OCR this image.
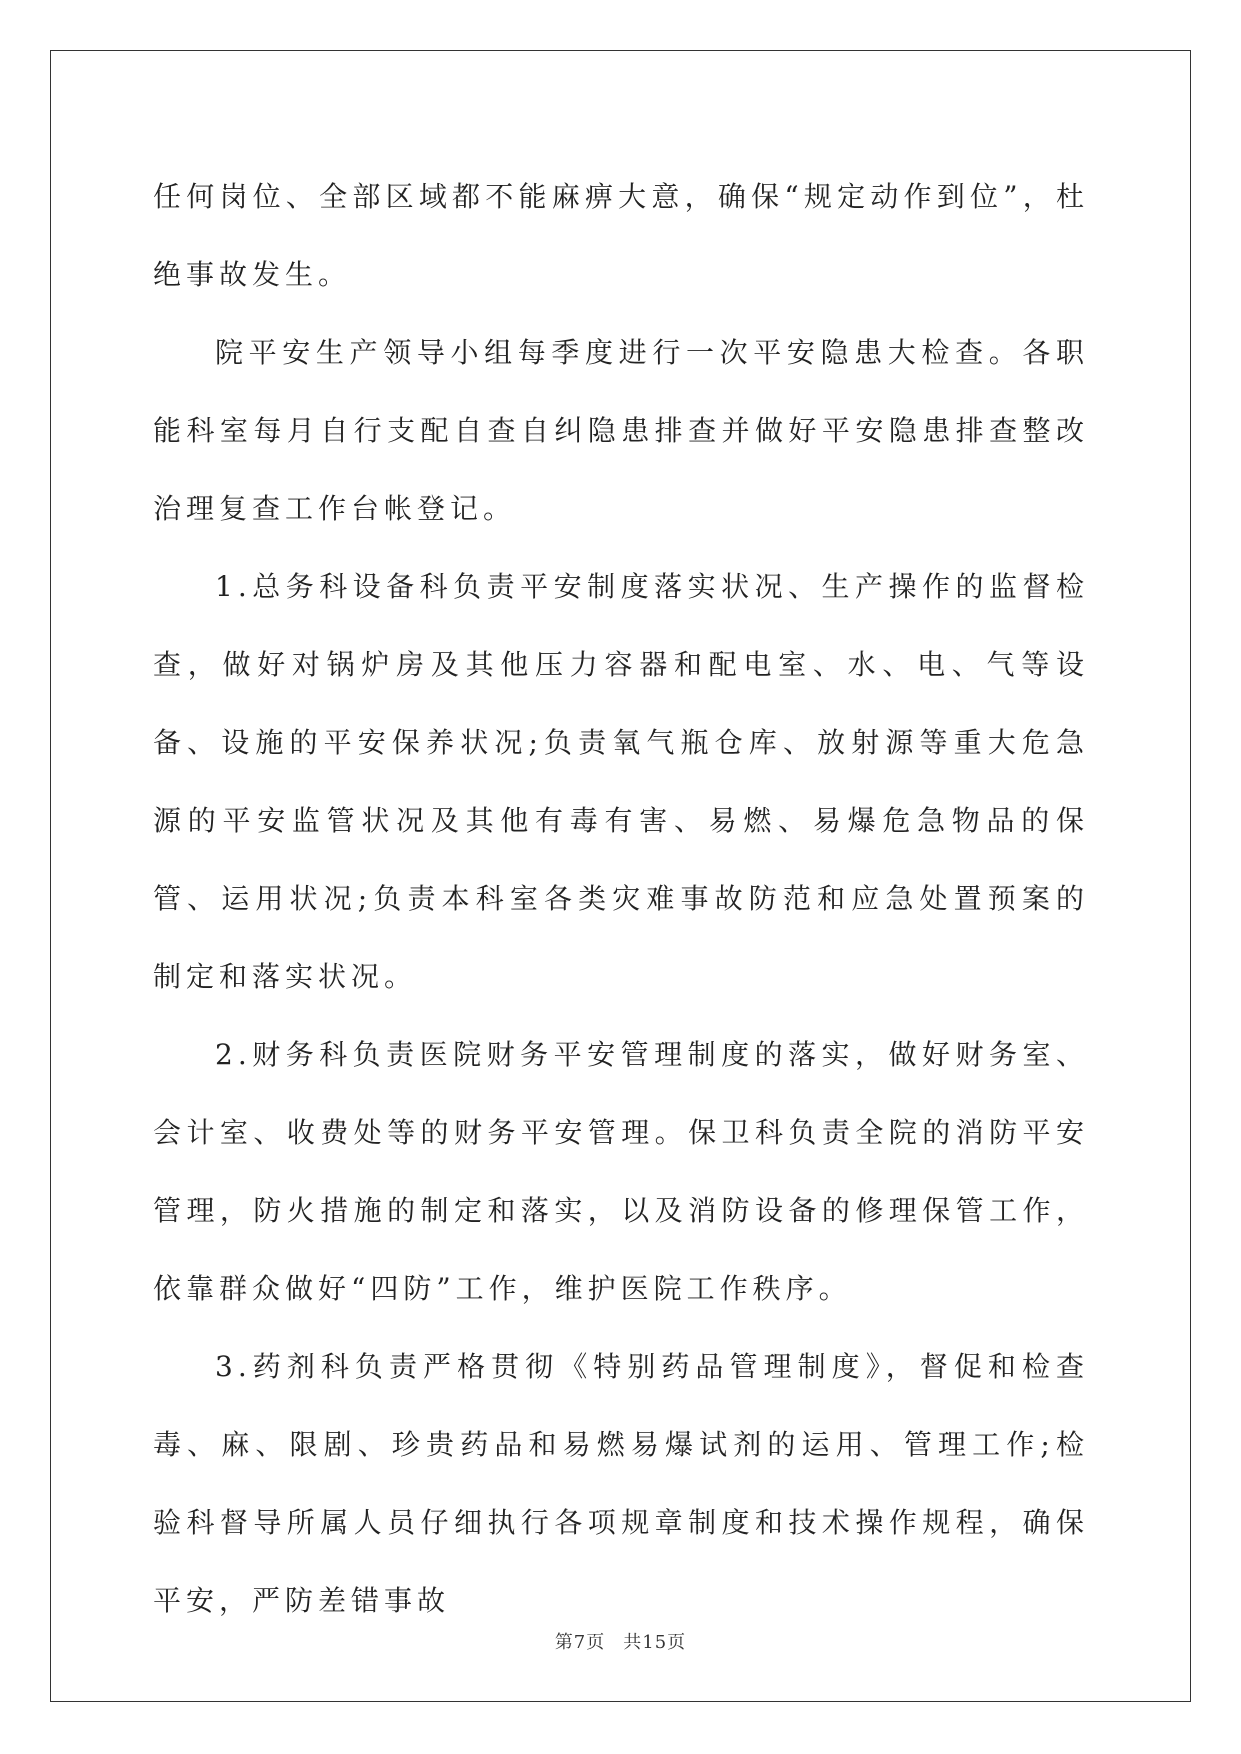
任何岗位、全部区域都不能麻痹大意，确保“规定动作到位”，杜绝事故发生。

院平安生产领导小组每季度进行一次平安隐患大检查。各职能科室每月自行支配自查自纠隐患排查并做好平安隐患排查整改治理复查工作台帐登记。

1.总务科设备科负责平安制度落实状况、生产操作的监督检查，做好对锅炉房及其他压力容器和配电室、水、电、气等设备、设施的平安保养状况;负责氧气瓶仓库、放射源等重大危急源的平安监管状况及其他有毒有害、易燃、易爆危急物品的保管、运用状况;负责本科室各类灾难事故防范和应急处置预案的制定和落实状况。

2.财务科负责医院财务平安管理制度的落实，做好财务室、会计室、收费处等的财务平安管理。保卫科负责全院的消防平安管理，防火措施的制定和落实，以及消防设备的修理保管工作，依靠群众做好“四防”工作，维护医院工作秩序。

3.药剂科负责严格贯彻《特别药品管理制度》，督促和检查毒、麻、限剧、珍贵药品和易燃易爆试剂的运用、管理工作;检验科督导所属人员仔细执行各项规章制度和技术操作规程，确保平安，严防差错事故

第7页 共15页
